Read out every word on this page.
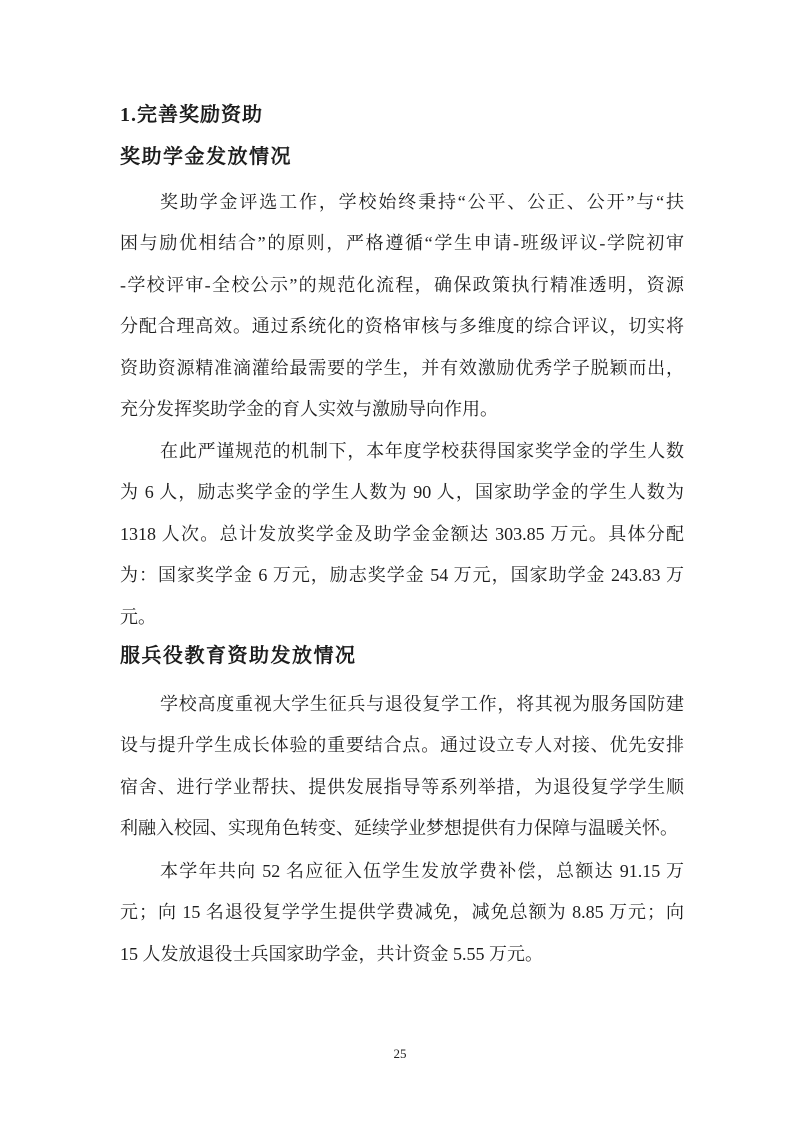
1.完善奖励资助
奖助学金发放情况
奖助学金评选工作，学校始终秉持“公平、公正、公开”与“扶
困与励优相结合”的原则，严格遵循“学生申请-班级评议-学院初审
-学校评审-全校公示”的规范化流程，确保政策执行精准透明，资源
分配合理高效。通过系统化的资格审核与多维度的综合评议，切实将
资助资源精准滴灌给最需要的学生，并有效激励优秀学子脱颖而出，
充分发挥奖助学金的育人实效与激励导向作用。
在此严谨规范的机制下，本年度学校获得国家奖学金的学生人数
为 6 人，励志奖学金的学生人数为 90 人，国家助学金的学生人数为
1318 人次。总计发放奖学金及助学金金额达 303.85 万元。具体分配
为：国家奖学金 6 万元，励志奖学金 54 万元，国家助学金 243.83 万
元。
服兵役教育资助发放情况
学校高度重视大学生征兵与退役复学工作，将其视为服务国防建
设与提升学生成长体验的重要结合点。通过设立专人对接、优先安排
宿舍、进行学业帮扶、提供发展指导等系列举措，为退役复学学生顺
利融入校园、实现角色转变、延续学业梦想提供有力保障与温暖关怀。
本学年共向 52 名应征入伍学生发放学费补偿，总额达 91.15 万
元；向 15 名退役复学学生提供学费减免，减免总额为 8.85 万元；向
15 人发放退役士兵国家助学金，共计资金 5.55 万元。
25
